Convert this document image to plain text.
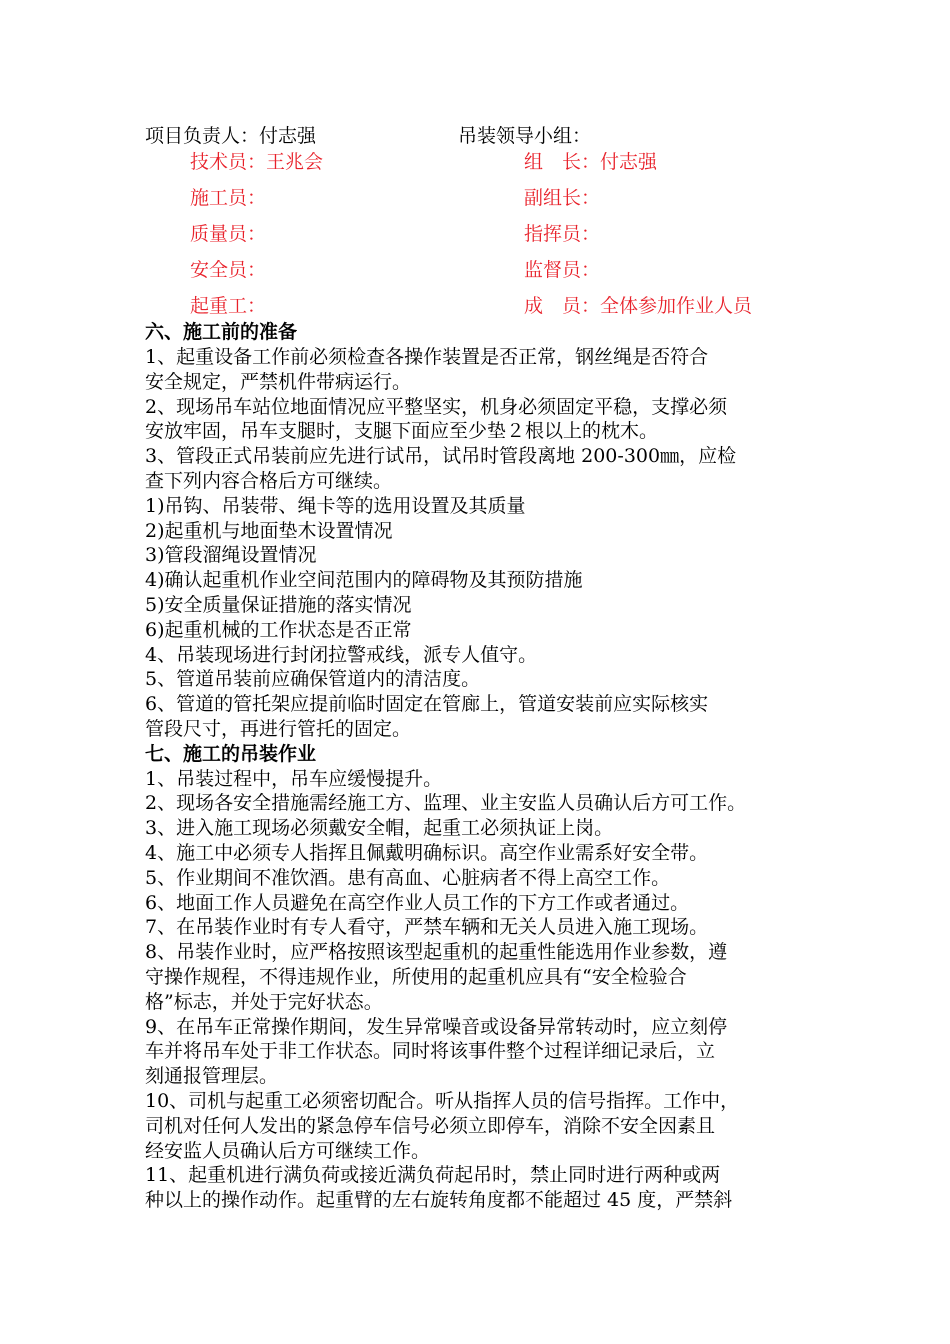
项目负责人：付志强	吊装领导小组：
技术员：王兆会	组　长：付志强
施工员：	副组长：
质量员：	指挥员：
安全员：	监督员：
起重工：	成　员：全体参加作业人员
六、施工前的准备

1、起重设备工作前必须检查各操作装置是否正常，钢丝绳是否符合

安全规定，严禁机件带病运行。

2、现场吊车站位地面情况应平整坚实，机身必须固定平稳，支撑必须

安放牢固，吊车支腿时，支腿下面应至少垫２根以上的枕木。

3、管段正式吊装前应先进行试吊，试吊时管段离地 200-300㎜，应检

查下列内容合格后方可继续。

1)吊钩、吊装带、绳卡等的选用设置及其质量

2)起重机与地面垫木设置情况

3)管段溜绳设置情况

4)确认起重机作业空间范围内的障碍物及其预防措施

5)安全质量保证措施的落实情况

6)起重机械的工作状态是否正常

4、吊装现场进行封闭拉警戒线，派专人值守。

5、管道吊装前应确保管道内的清洁度。

6、管道的管托架应提前临时固定在管廊上，管道安装前应实际核实

管段尺寸，再进行管托的固定。

七、施工的吊装作业

1、吊装过程中，吊车应缓慢提升。

2、现场各安全措施需经施工方、监理、业主安监人员确认后方可工作。

3、进入施工现场必须戴安全帽，起重工必须执证上岗。

4、施工中必须专人指挥且佩戴明确标识。高空作业需系好安全带。

5、作业期间不准饮酒。患有高血、心脏病者不得上高空工作。

6、地面工作人员避免在高空作业人员工作的下方工作或者通过。

7、在吊装作业时有专人看守，严禁车辆和无关人员进入施工现场。

8、吊装作业时，应严格按照该型起重机的起重性能选用作业参数，遵

守操作规程，不得违规作业，所使用的起重机应具有“安全检验合

格”标志，并处于完好状态。

9、在吊车正常操作期间，发生异常噪音或设备异常转动时，应立刻停

车并将吊车处于非工作状态。同时将该事件整个过程详细记录后，立

刻通报管理层。

10、司机与起重工必须密切配合。听从指挥人员的信号指挥。工作中，

司机对任何人发出的紧急停车信号必须立即停车，消除不安全因素且

经安监人员确认后方可继续工作。

11、起重机进行满负荷或接近满负荷起吊时，禁止同时进行两种或两

种以上的操作动作。起重臂的左右旋转角度都不能超过 45 度，严禁斜
